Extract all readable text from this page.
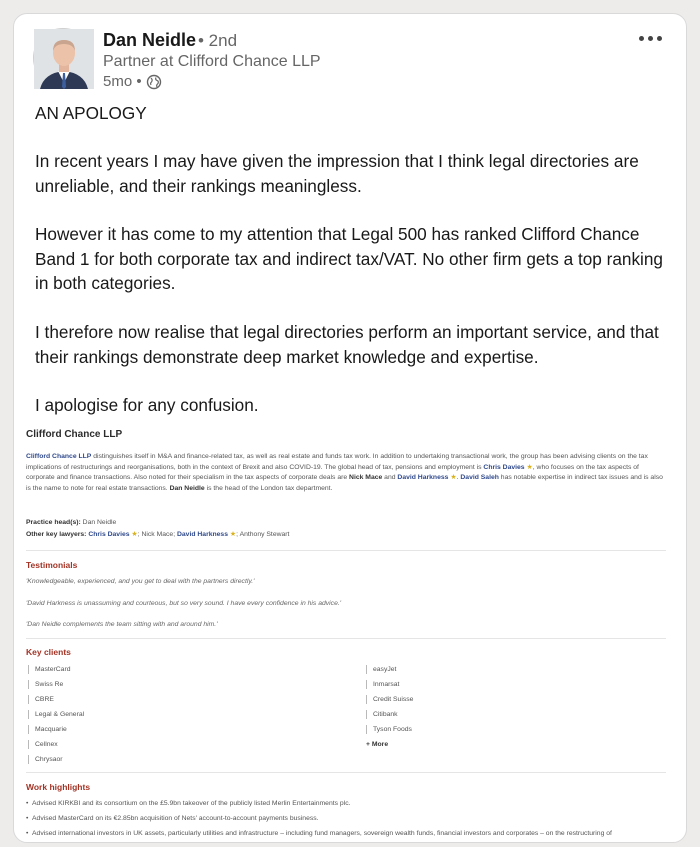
Dan Neidle • 2nd
Partner at Clifford Chance LLP
5mo •
AN APOLOGY
In recent years I may have given the impression that I think legal directories are unreliable, and their rankings meaningless.
However it has come to my attention that Legal 500 has ranked Clifford Chance Band 1 for both corporate tax and indirect tax/VAT. No other firm gets a top ranking in both categories.
I therefore now realise that legal directories perform an important service, and that their rankings demonstrate deep market knowledge and expertise.
I apologise for any confusion.
Clifford Chance LLP
Clifford Chance LLP distinguishes itself in M&A and finance-related tax, as well as real estate and funds tax work. In addition to undertaking transactional work, the group has been advising clients on the tax implications of restructurings and reorganisations, both in the context of Brexit and also COVID-19. The global head of tax, pensions and employment is Chris Davies ★, who focuses on the tax aspects of corporate and finance transactions. Also noted for their specialism in the tax aspects of corporate deals are Nick Mace and David Harkness ★. David Saleh has notable expertise in indirect tax issues and is also is the name to note for real estate transactions. Dan Neidle is the head of the London tax department.
Practice head(s): Dan Neidle
Other key lawyers: Chris Davies ★; Nick Mace; David Harkness ★; Anthony Stewart
Testimonials
'Knowledgeable, experienced, and you get to deal with the partners directly.'
'David Harkness is unassuming and courteous, but so very sound. I have every confidence in his advice.'
'Dan Neidle complements the team sitting with and around him.'
Key clients
MasterCard
Swiss Re
CBRE
Legal & General
Macquarie
Cellnex
Chrysaor
easyJet
Inmarsat
Credit Suisse
Citibank
Tyson Foods
+ More
Work highlights
• Advised KIRKBI and its consortium on the £5.9bn takeover of the publicly listed Merlin Entertainments plc.
• Advised MasterCard on its €2.85bn acquisition of Nets' account-to-account payments business.
• Advised international investors in UK assets, particularly utilities and infrastructure – including fund managers, sovereign wealth funds, financial investors and corporates – on the restructuring of
